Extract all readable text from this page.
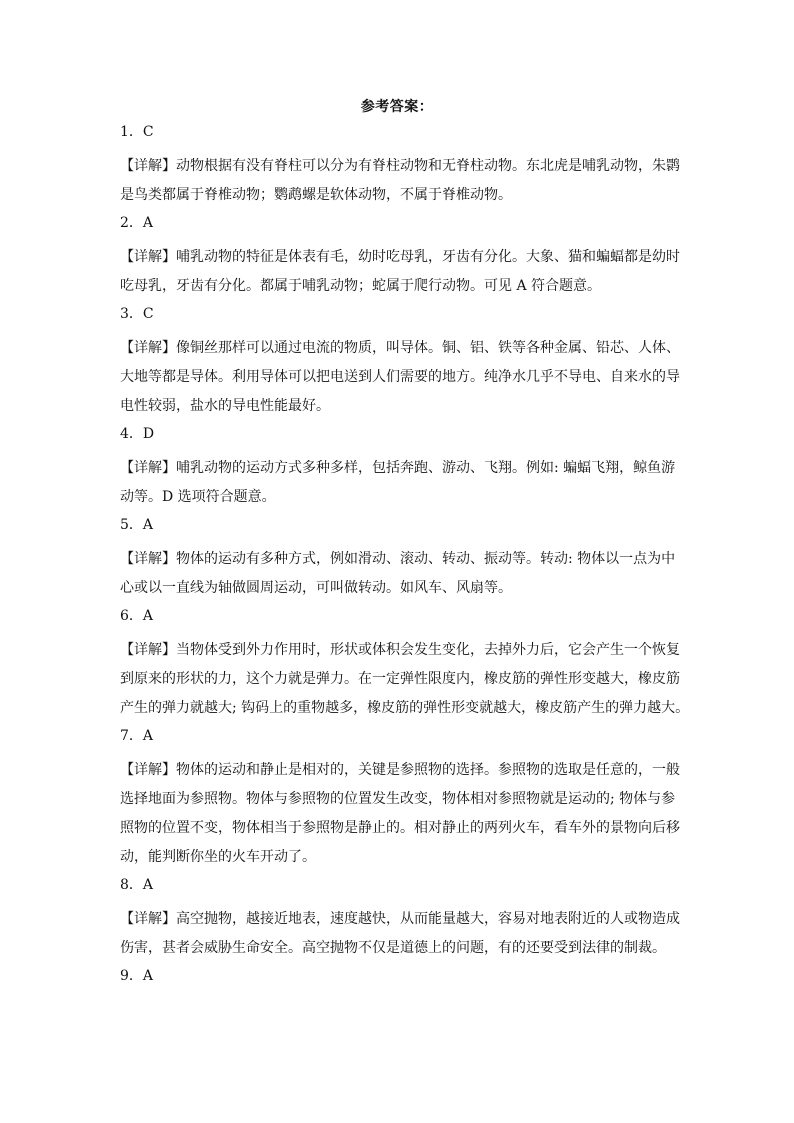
参考答案：
1．C
【详解】动物根据有没有脊柱可以分为有脊柱动物和无脊柱动物。东北虎是哺乳动物，朱鹮
是鸟类都属于脊椎动物；鹦鹉螺是软体动物，不属于脊椎动物。
2．A
【详解】哺乳动物的特征是体表有毛，幼时吃母乳，牙齿有分化。大象、猫和蝙蝠都是幼时
吃母乳，牙齿有分化。都属于哺乳动物；蛇属于爬行动物。可见 A 符合题意。
3．C
【详解】像铜丝那样可以通过电流的物质，叫导体。铜、铝、铁等各种金属、铅芯、人体、
大地等都是导体。利用导体可以把电送到人们需要的地方。纯净水几乎不导电、自来水的导
电性较弱，盐水的导电性能最好。
4．D
【详解】哺乳动物的运动方式多种多样，包括奔跑、游动、飞翔。例如: 蝙蝠飞翔，鲸鱼游
动等。D 选项符合题意。
5．A
【详解】物体的运动有多种方式，例如滑动、滚动、转动、振动等。转动: 物体以一点为中
心或以一直线为轴做圆周运动，可叫做转动。如风车、风扇等。
6．A
【详解】当物体受到外力作用时，形状或体积会发生变化，去掉外力后，它会产生一个恢复
到原来的形状的力，这个力就是弹力。在一定弹性限度内，橡皮筋的弹性形变越大，橡皮筋
产生的弹力就越大; 钩码上的重物越多，橡皮筋的弹性形变就越大，橡皮筋产生的弹力越大。
7．A
【详解】物体的运动和静止是相对的，关键是参照物的选择。参照物的选取是任意的，一般
选择地面为参照物。物体与参照物的位置发生改变，物体相对参照物就是运动的; 物体与参
照物的位置不变，物体相当于参照物是静止的。相对静止的两列火车，看车外的景物向后移
动，能判断你坐的火车开动了。
8．A
【详解】高空抛物，越接近地表，速度越快，从而能量越大，容易对地表附近的人或物造成
伤害，甚者会威胁生命安全。高空抛物不仅是道德上的问题，有的还要受到法律的制裁。
9．A
